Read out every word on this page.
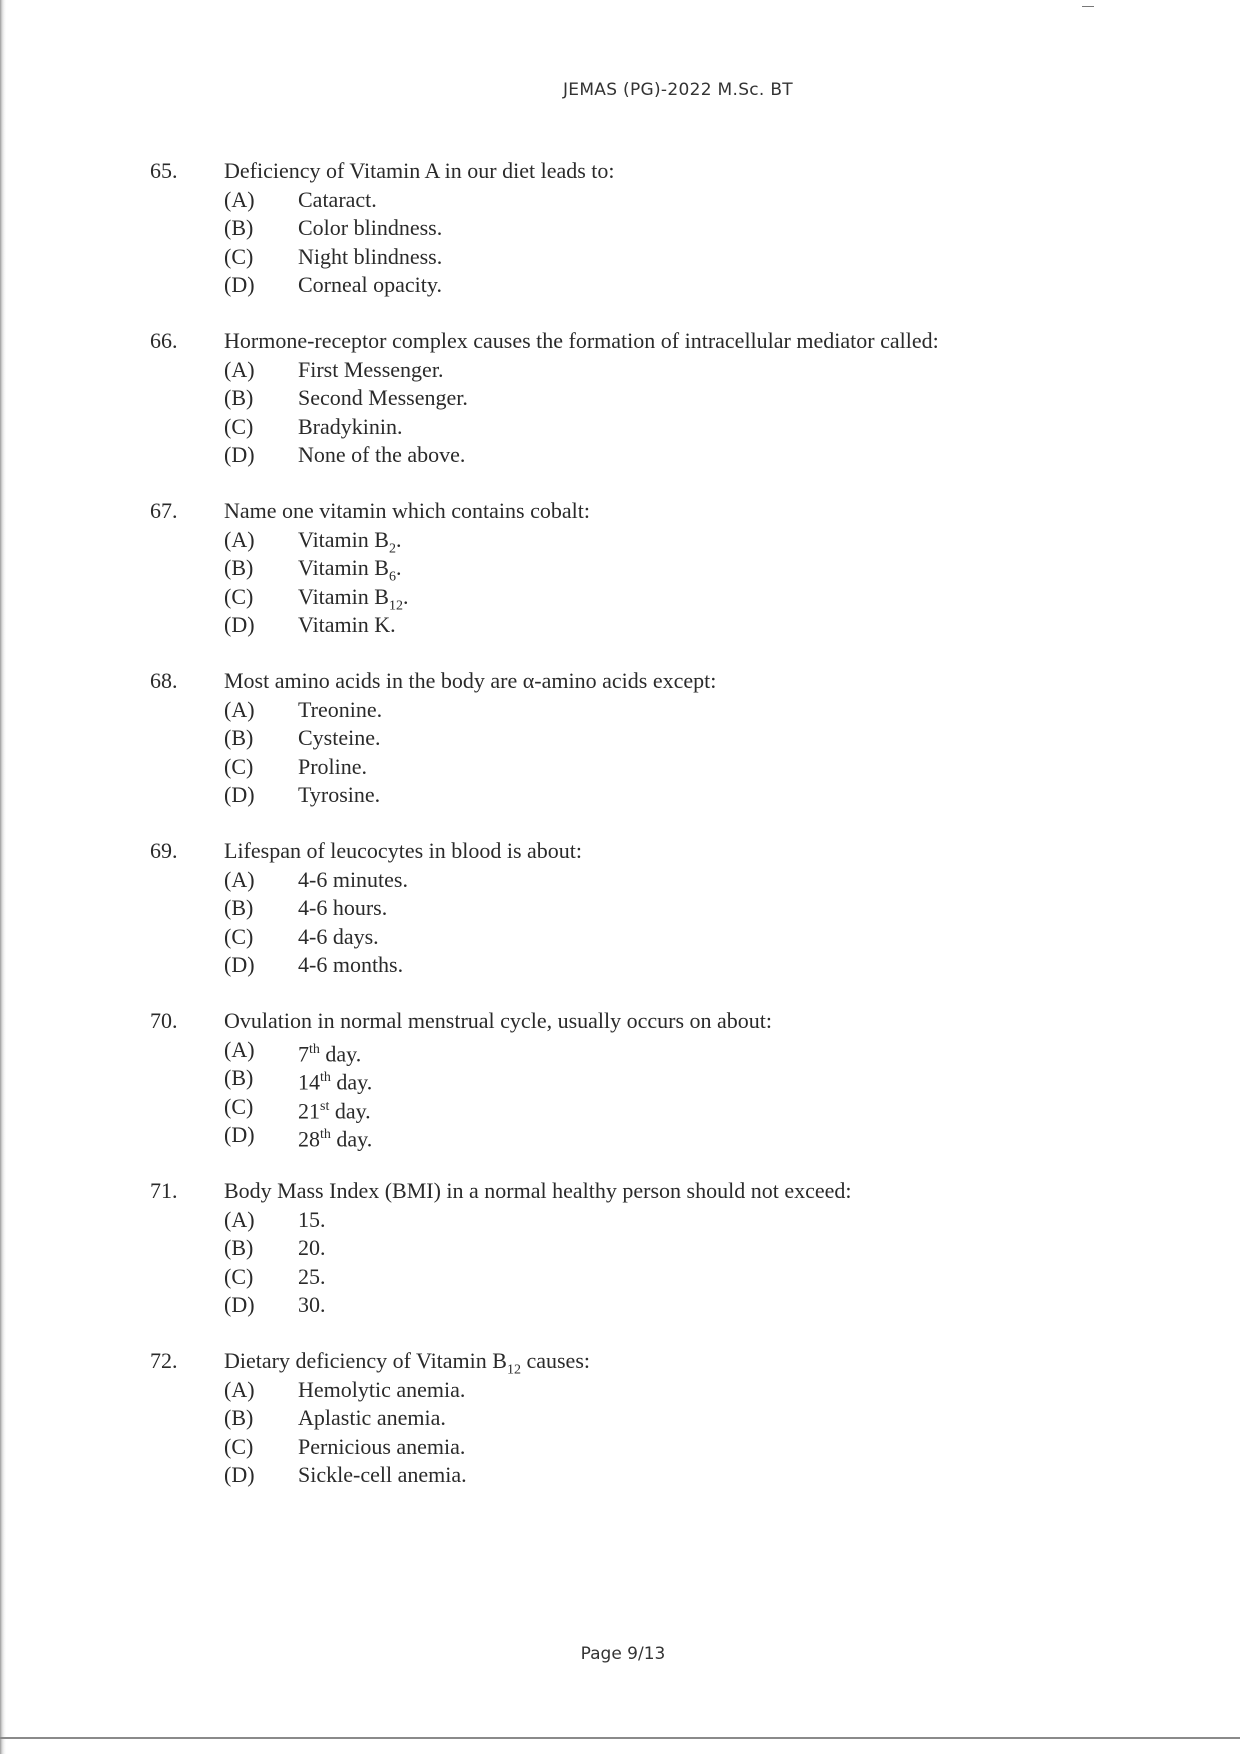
JEMAS (PG)-2022 M.Sc. BT
65.	Deficiency of Vitamin A in our diet leads to:
(A) Cataract.
(B) Color blindness.
(C) Night blindness.
(D) Corneal opacity.
66.	Hormone-receptor complex causes the formation of intracellular mediator called:
(A) First Messenger.
(B) Second Messenger.
(C) Bradykinin.
(D) None of the above.
67.	Name one vitamin which contains cobalt:
(A) Vitamin $B_2$.
(B) Vitamin $B_6$.
(C) Vitamin $B_{12}$.
(D) Vitamin K.
68.	Most amino acids in the body are α-amino acids except:
(A) Treonine.
(B) Cysteine.
(C) Proline.
(D) Tyrosine.
69.	Lifespan of leucocytes in blood is about:
(A) 4-6 minutes.
(B) 4-6 hours.
(C) 4-6 days.
(D) 4-6 months.
70.	Ovulation in normal menstrual cycle, usually occurs on about:
(A) 7th day.
(B) 14th day.
(C) 21st day.
(D) 28th day.
71.	Body Mass Index (BMI) in a normal healthy person should not exceed:
(A) 15.
(B) 20.
(C) 25.
(D) 30.
72.	Dietary deficiency of Vitamin $B_{12}$ causes:
(A) Hemolytic anemia.
(B) Aplastic anemia.
(C) Pernicious anemia.
(D) Sickle-cell anemia.
Page 9/13
